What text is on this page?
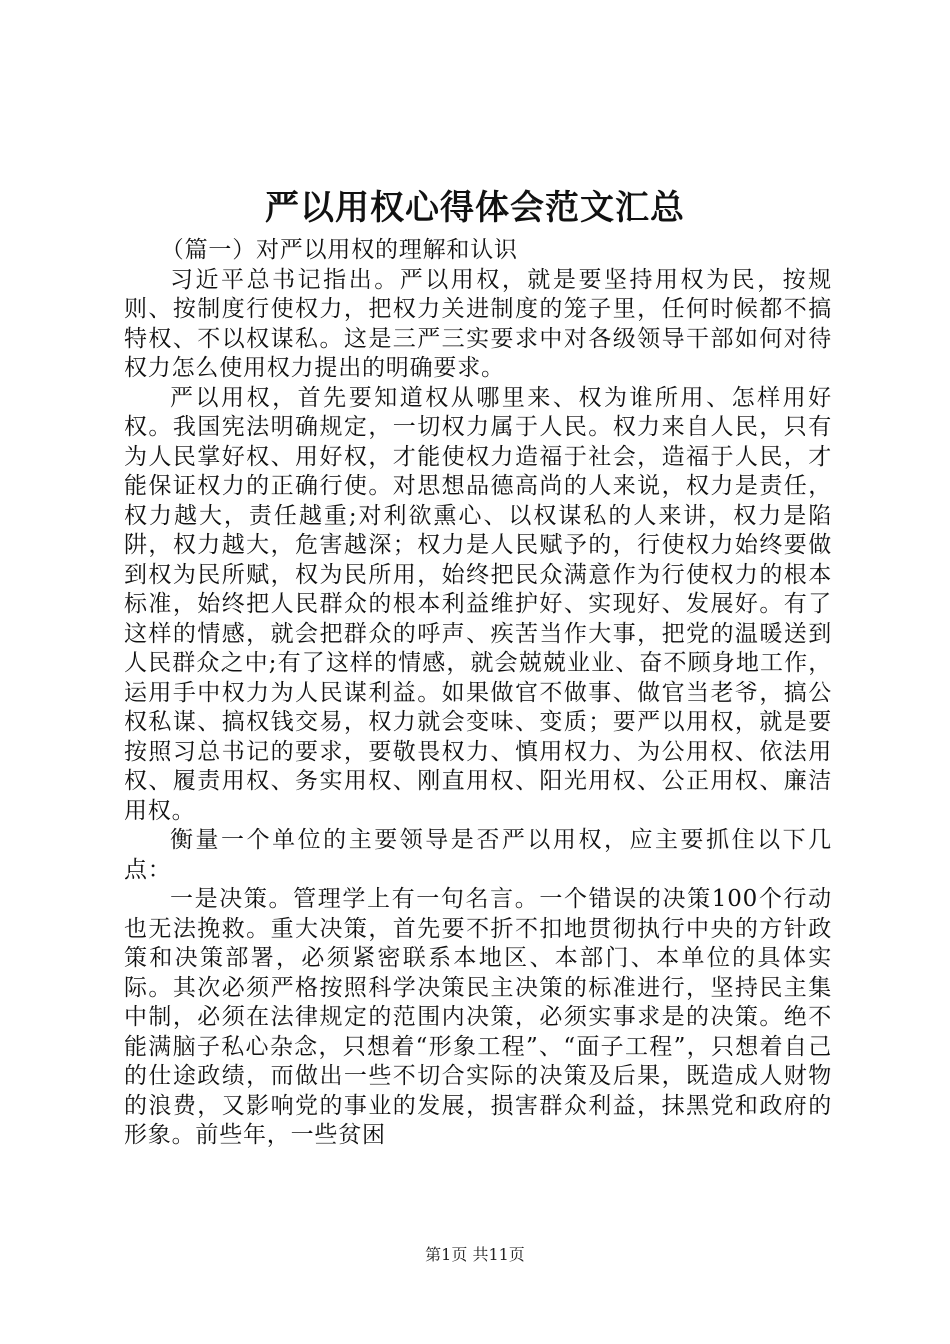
严以用权心得体会范文汇总

（篇一）对严以用权的理解和认识

习近平总书记指出。严以用权，就是要坚持用权为民，按规则、按制度行使权力，把权力关进制度的笼子里，任何时候都不搞特权、不以权谋私。这是三严三实要求中对各级领导干部如何对待权力怎么使用权力提出的明确要求。

严以用权，首先要知道权从哪里来、权为谁所用、怎样用好权。我国宪法明确规定，一切权力属于人民。权力来自人民，只有为人民掌好权、用好权，才能使权力造福于社会，造福于人民，才能保证权力的正确行使。对思想品德高尚的人来说，权力是责任，权力越大，责任越重;对利欲熏心、以权谋私的人来讲，权力是陷阱，权力越大，危害越深；权力是人民赋予的，行使权力始终要做到权为民所赋，权为民所用，始终把民众满意作为行使权力的根本标准，始终把人民群众的根本利益维护好、实现好、发展好。有了这样的情感，就会把群众的呼声、疾苦当作大事，把党的温暖送到人民群众之中;有了这样的情感，就会兢兢业业、奋不顾身地工作，运用手中权力为人民谋利益。如果做官不做事、做官当老爷，搞公权私谋、搞权钱交易，权力就会变味、变质；要严以用权，就是要按照习总书记的要求，要敬畏权力、慎用权力、为公用权、依法用权、履责用权、务实用权、刚直用权、阳光用权、公正用权、廉洁用权。

衡量一个单位的主要领导是否严以用权，应主要抓住以下几点：

一是决策。管理学上有一句名言。一个错误的决策100个行动也无法挽救。重大决策，首先要不折不扣地贯彻执行中央的方针政策和决策部署，必须紧密联系本地区、本部门、本单位的具体实际。其次必须严格按照科学决策民主决策的标准进行，坚持民主集中制，必须在法律规定的范围内决策，必须实事求是的决策。绝不能满脑子私心杂念，只想着“形象工程”、“面子工程”，只想着自己的仕途政绩，而做出一些不切合实际的决策及后果，既造成人财物的浪费，又影响党的事业的发展，损害群众利益，抹黑党和政府的形象。前些年，一些贫困

第1页 共11页
